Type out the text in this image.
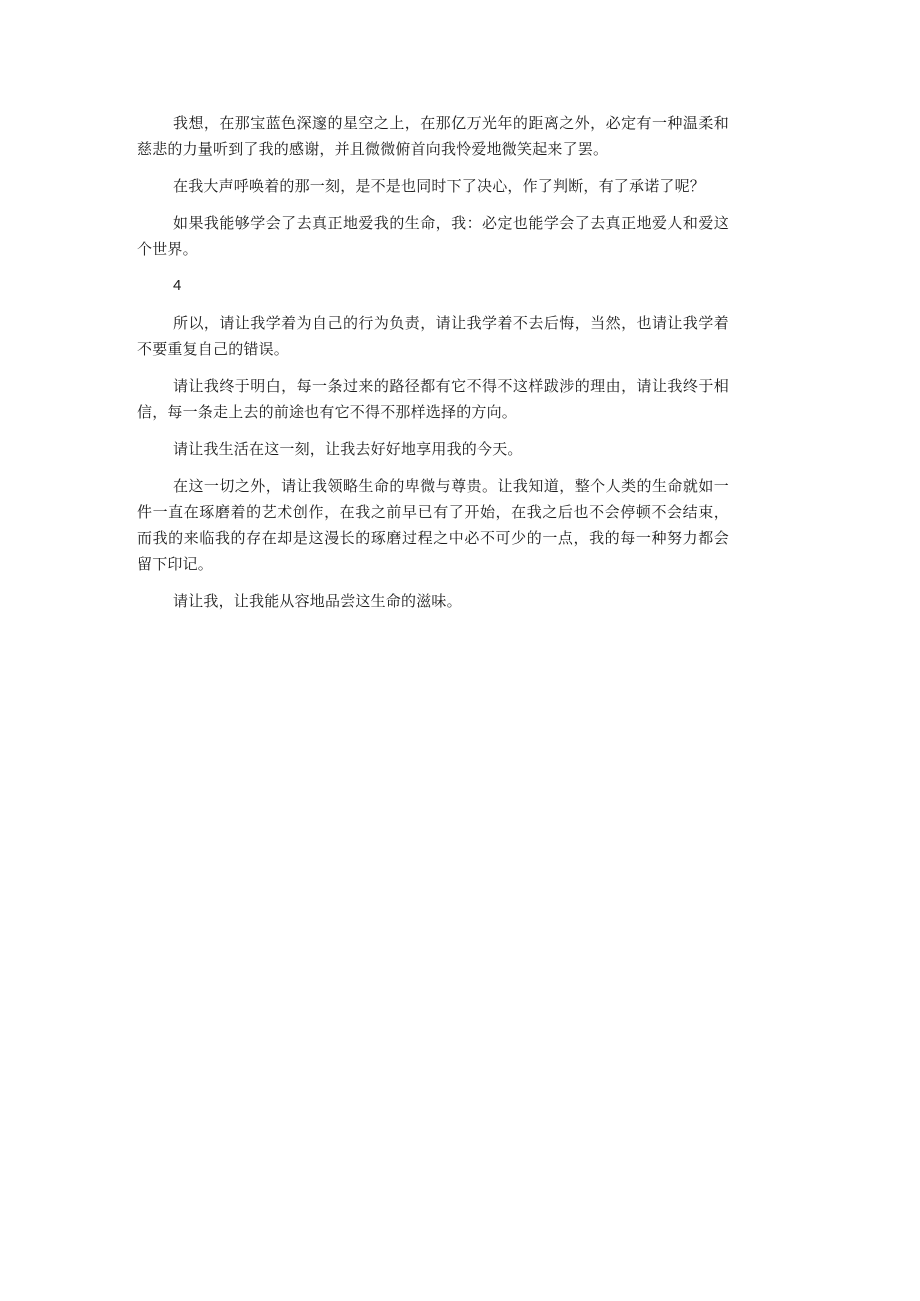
我想，在那宝蓝色深邃的星空之上，在那亿万光年的距离之外，必定有一种温柔和慈悲的力量听到了我的感谢，并且微微俯首向我怜爱地微笑起来了罢。

在我大声呼唤着的那一刻，是不是也同时下了决心，作了判断，有了承诺了呢？

如果我能够学会了去真正地爱我的生命，我：必定也能学会了去真正地爱人和爱这个世界。

4

所以，请让我学着为自己的行为负责，请让我学着不去后悔，当然，也请让我学着不要重复自己的错误。

请让我终于明白，每一条过来的路径都有它不得不这样跋涉的理由，请让我终于相信，每一条走上去的前途也有它不得不那样选择的方向。

请让我生活在这一刻，让我去好好地享用我的今天。

在这一切之外，请让我领略生命的卑微与尊贵。让我知道，整个人类的生命就如一件一直在琢磨着的艺术创作，在我之前早已有了开始，在我之后也不会停顿不会结束，而我的来临我的存在却是这漫长的琢磨过程之中必不可少的一点，我的每一种努力都会留下印记。

请让我，让我能从容地品尝这生命的滋味。
